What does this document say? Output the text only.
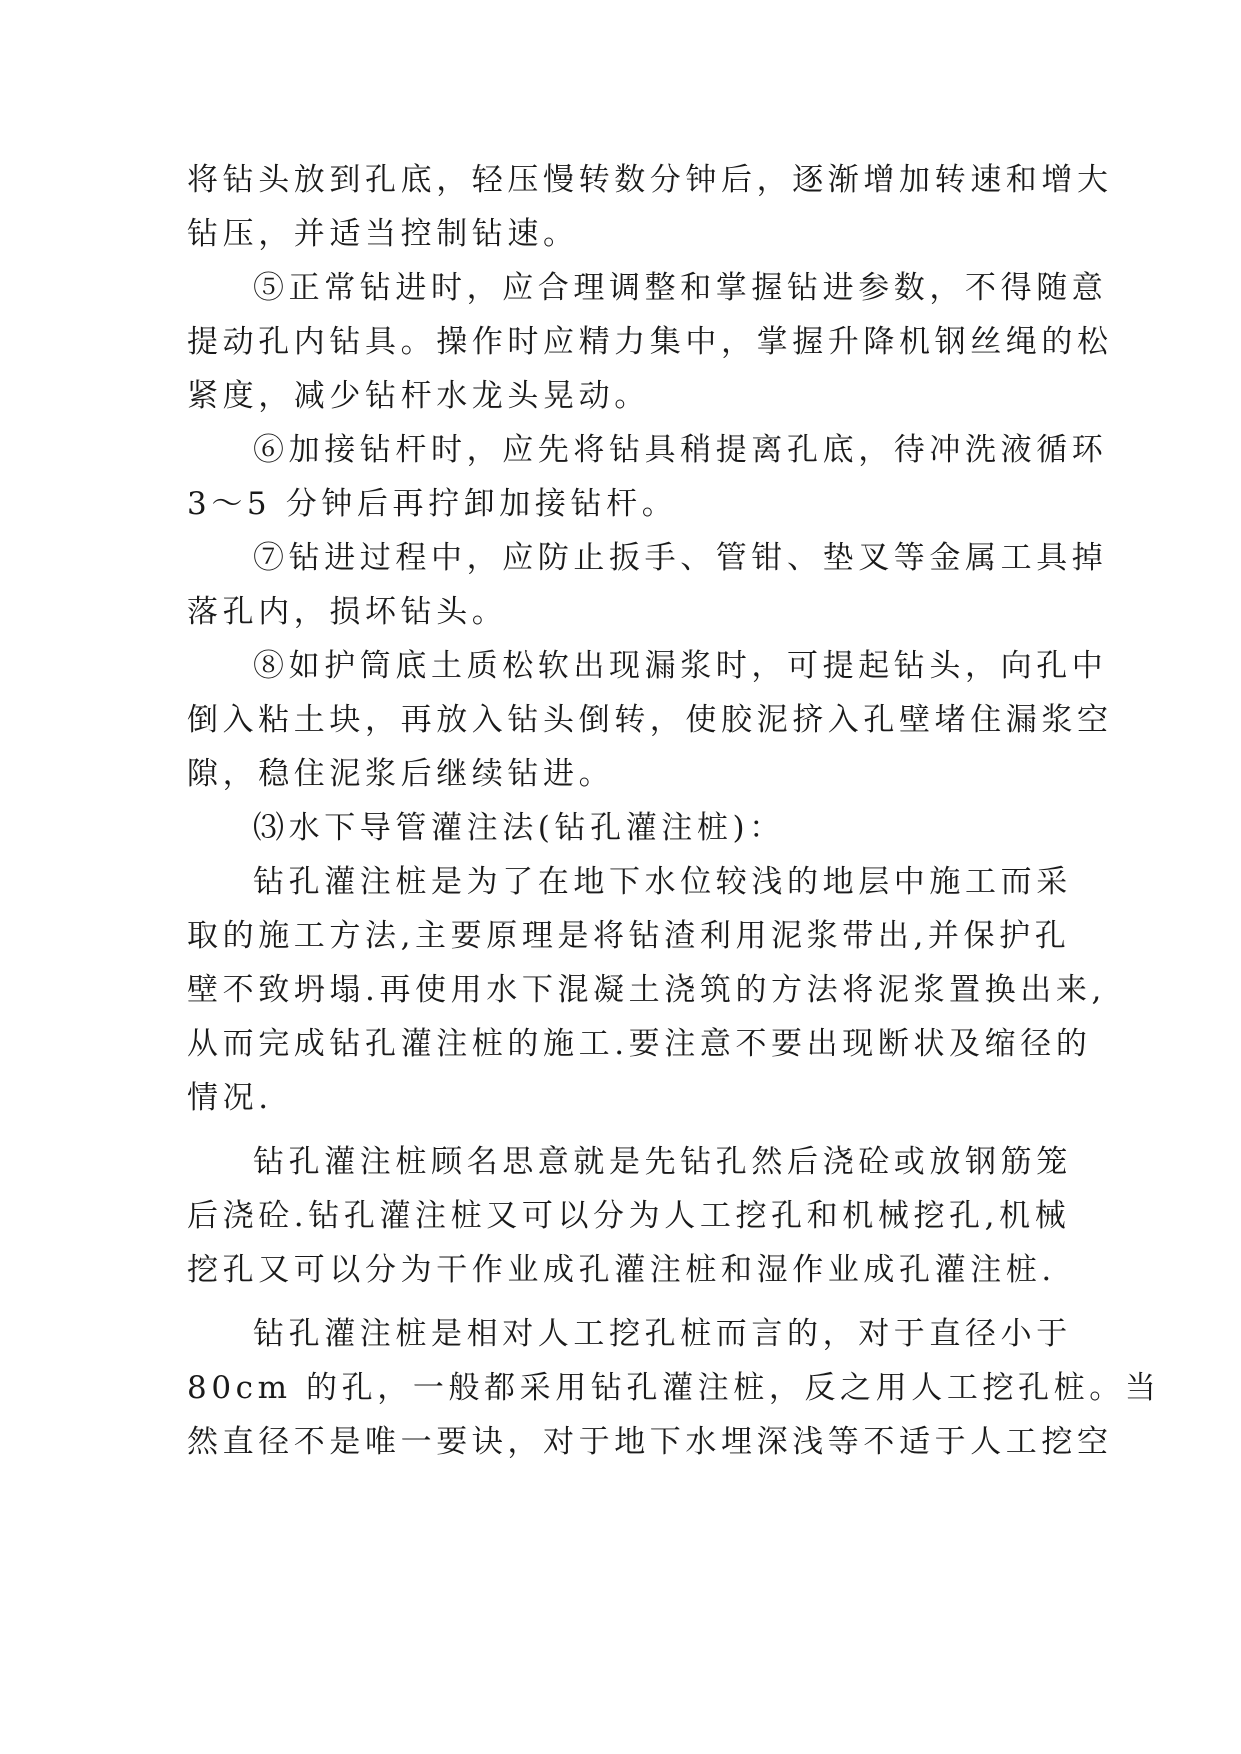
将钻头放到孔底，轻压慢转数分钟后，逐渐增加转速和增大
钻压，并适当控制钻速。
⑤正常钻进时，应合理调整和掌握钻进参数，不得随意
提动孔内钻具。操作时应精力集中，掌握升降机钢丝绳的松
紧度，减少钻杆水龙头晃动。
⑥加接钻杆时，应先将钻具稍提离孔底，待冲洗液循环
3～5 分钟后再拧卸加接钻杆。
⑦钻进过程中，应防止扳手、管钳、垫叉等金属工具掉
落孔内，损坏钻头。
⑧如护筒底土质松软出现漏浆时，可提起钻头，向孔中
倒入粘土块，再放入钻头倒转，使胶泥挤入孔壁堵住漏浆空
隙，稳住泥浆后继续钻进。
⑶水下导管灌注法(钻孔灌注桩)：
钻孔灌注桩是为了在地下水位较浅的地层中施工而采
取的施工方法,主要原理是将钻渣利用泥浆带出,并保护孔
壁不致坍塌.再使用水下混凝土浇筑的方法将泥浆置换出来,
从而完成钻孔灌注桩的施工.要注意不要出现断状及缩径的
情况.
钻孔灌注桩顾名思意就是先钻孔然后浇砼或放钢筋笼
后浇砼.钻孔灌注桩又可以分为人工挖孔和机械挖孔,机械
挖孔又可以分为干作业成孔灌注桩和湿作业成孔灌注桩.
钻孔灌注桩是相对人工挖孔桩而言的，对于直径小于
80cm 的孔，一般都采用钻孔灌注桩，反之用人工挖孔桩。当
然直径不是唯一要诀，对于地下水埋深浅等不适于人工挖空
